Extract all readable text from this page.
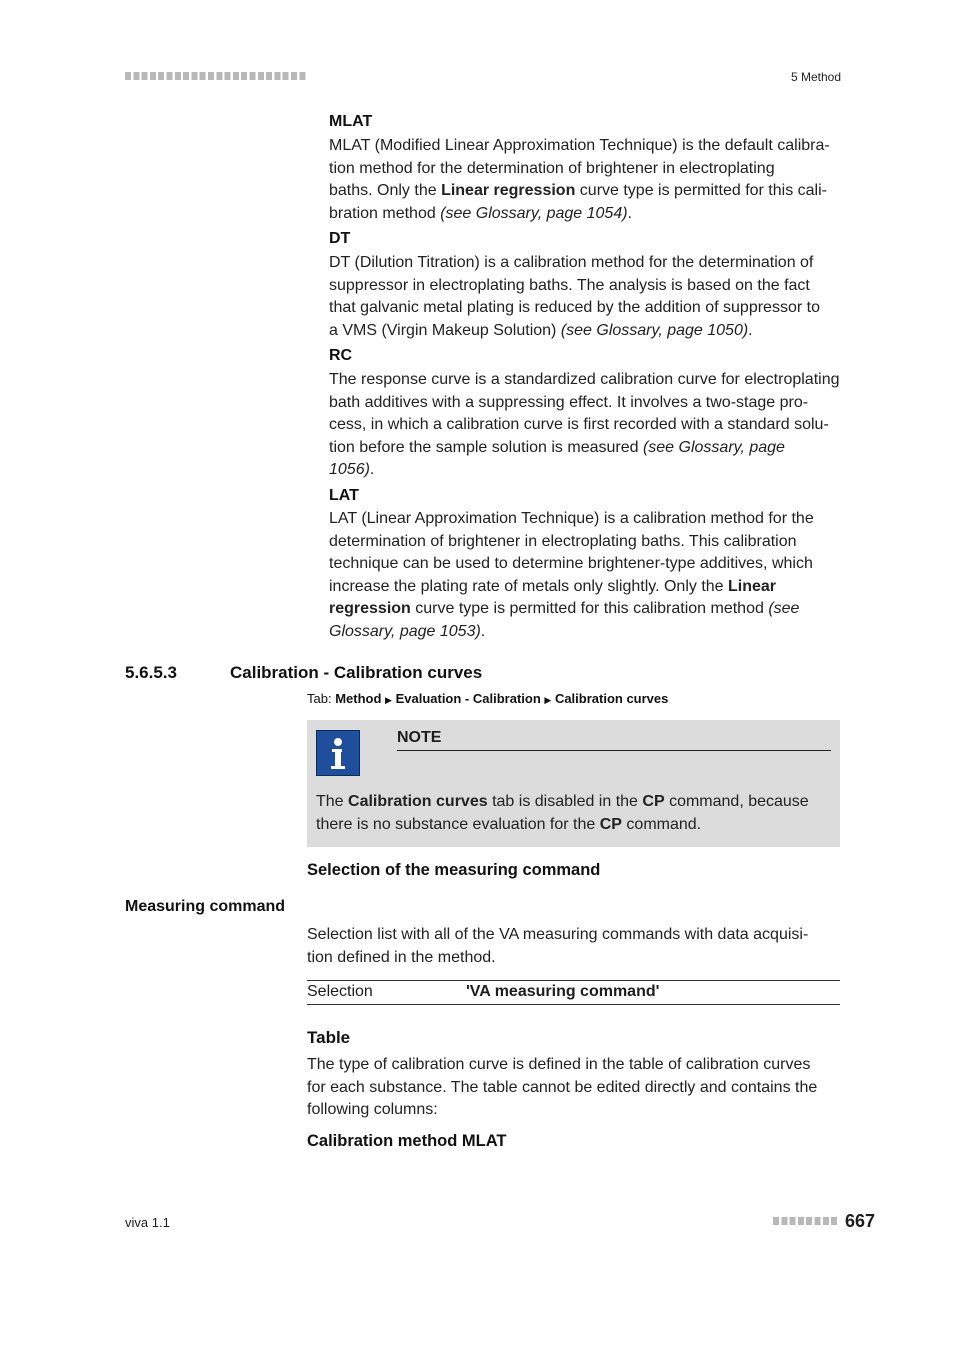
5 Method
MLAT
MLAT (Modified Linear Approximation Technique) is the default calibra-
tion method for the determination of brightener in electroplating
baths. Only the Linear regression curve type is permitted for this cali-
bration method (see Glossary, page 1054).
DT
DT (Dilution Titration) is a calibration method for the determination of
suppressor in electroplating baths. The analysis is based on the fact
that galvanic metal plating is reduced by the addition of suppressor to
a VMS (Virgin Makeup Solution) (see Glossary, page 1050).
RC
The response curve is a standardized calibration curve for electroplating
bath additives with a suppressing effect. It involves a two-stage pro-
cess, in which a calibration curve is first recorded with a standard solu-
tion before the sample solution is measured (see Glossary, page
1056).
LAT
LAT (Linear Approximation Technique) is a calibration method for the
determination of brightener in electroplating baths. This calibration
technique can be used to determine brightener-type additives, which
increase the plating rate of metals only slightly. Only the Linear
regression curve type is permitted for this calibration method (see
Glossary, page 1053).
5.6.5.3	Calibration - Calibration curves
Tab: Method ▶ Evaluation - Calibration ▶ Calibration curves
NOTE
The Calibration curves tab is disabled in the CP command, because
there is no substance evaluation for the CP command.
Selection of the measuring command
Measuring command
Selection list with all of the VA measuring commands with data acquisi-
tion defined in the method.
Selection	'VA measuring command'
Table
The type of calibration curve is defined in the table of calibration curves
for each substance. The table cannot be edited directly and contains the
following columns:
Calibration method MLAT
viva 1.1	667
